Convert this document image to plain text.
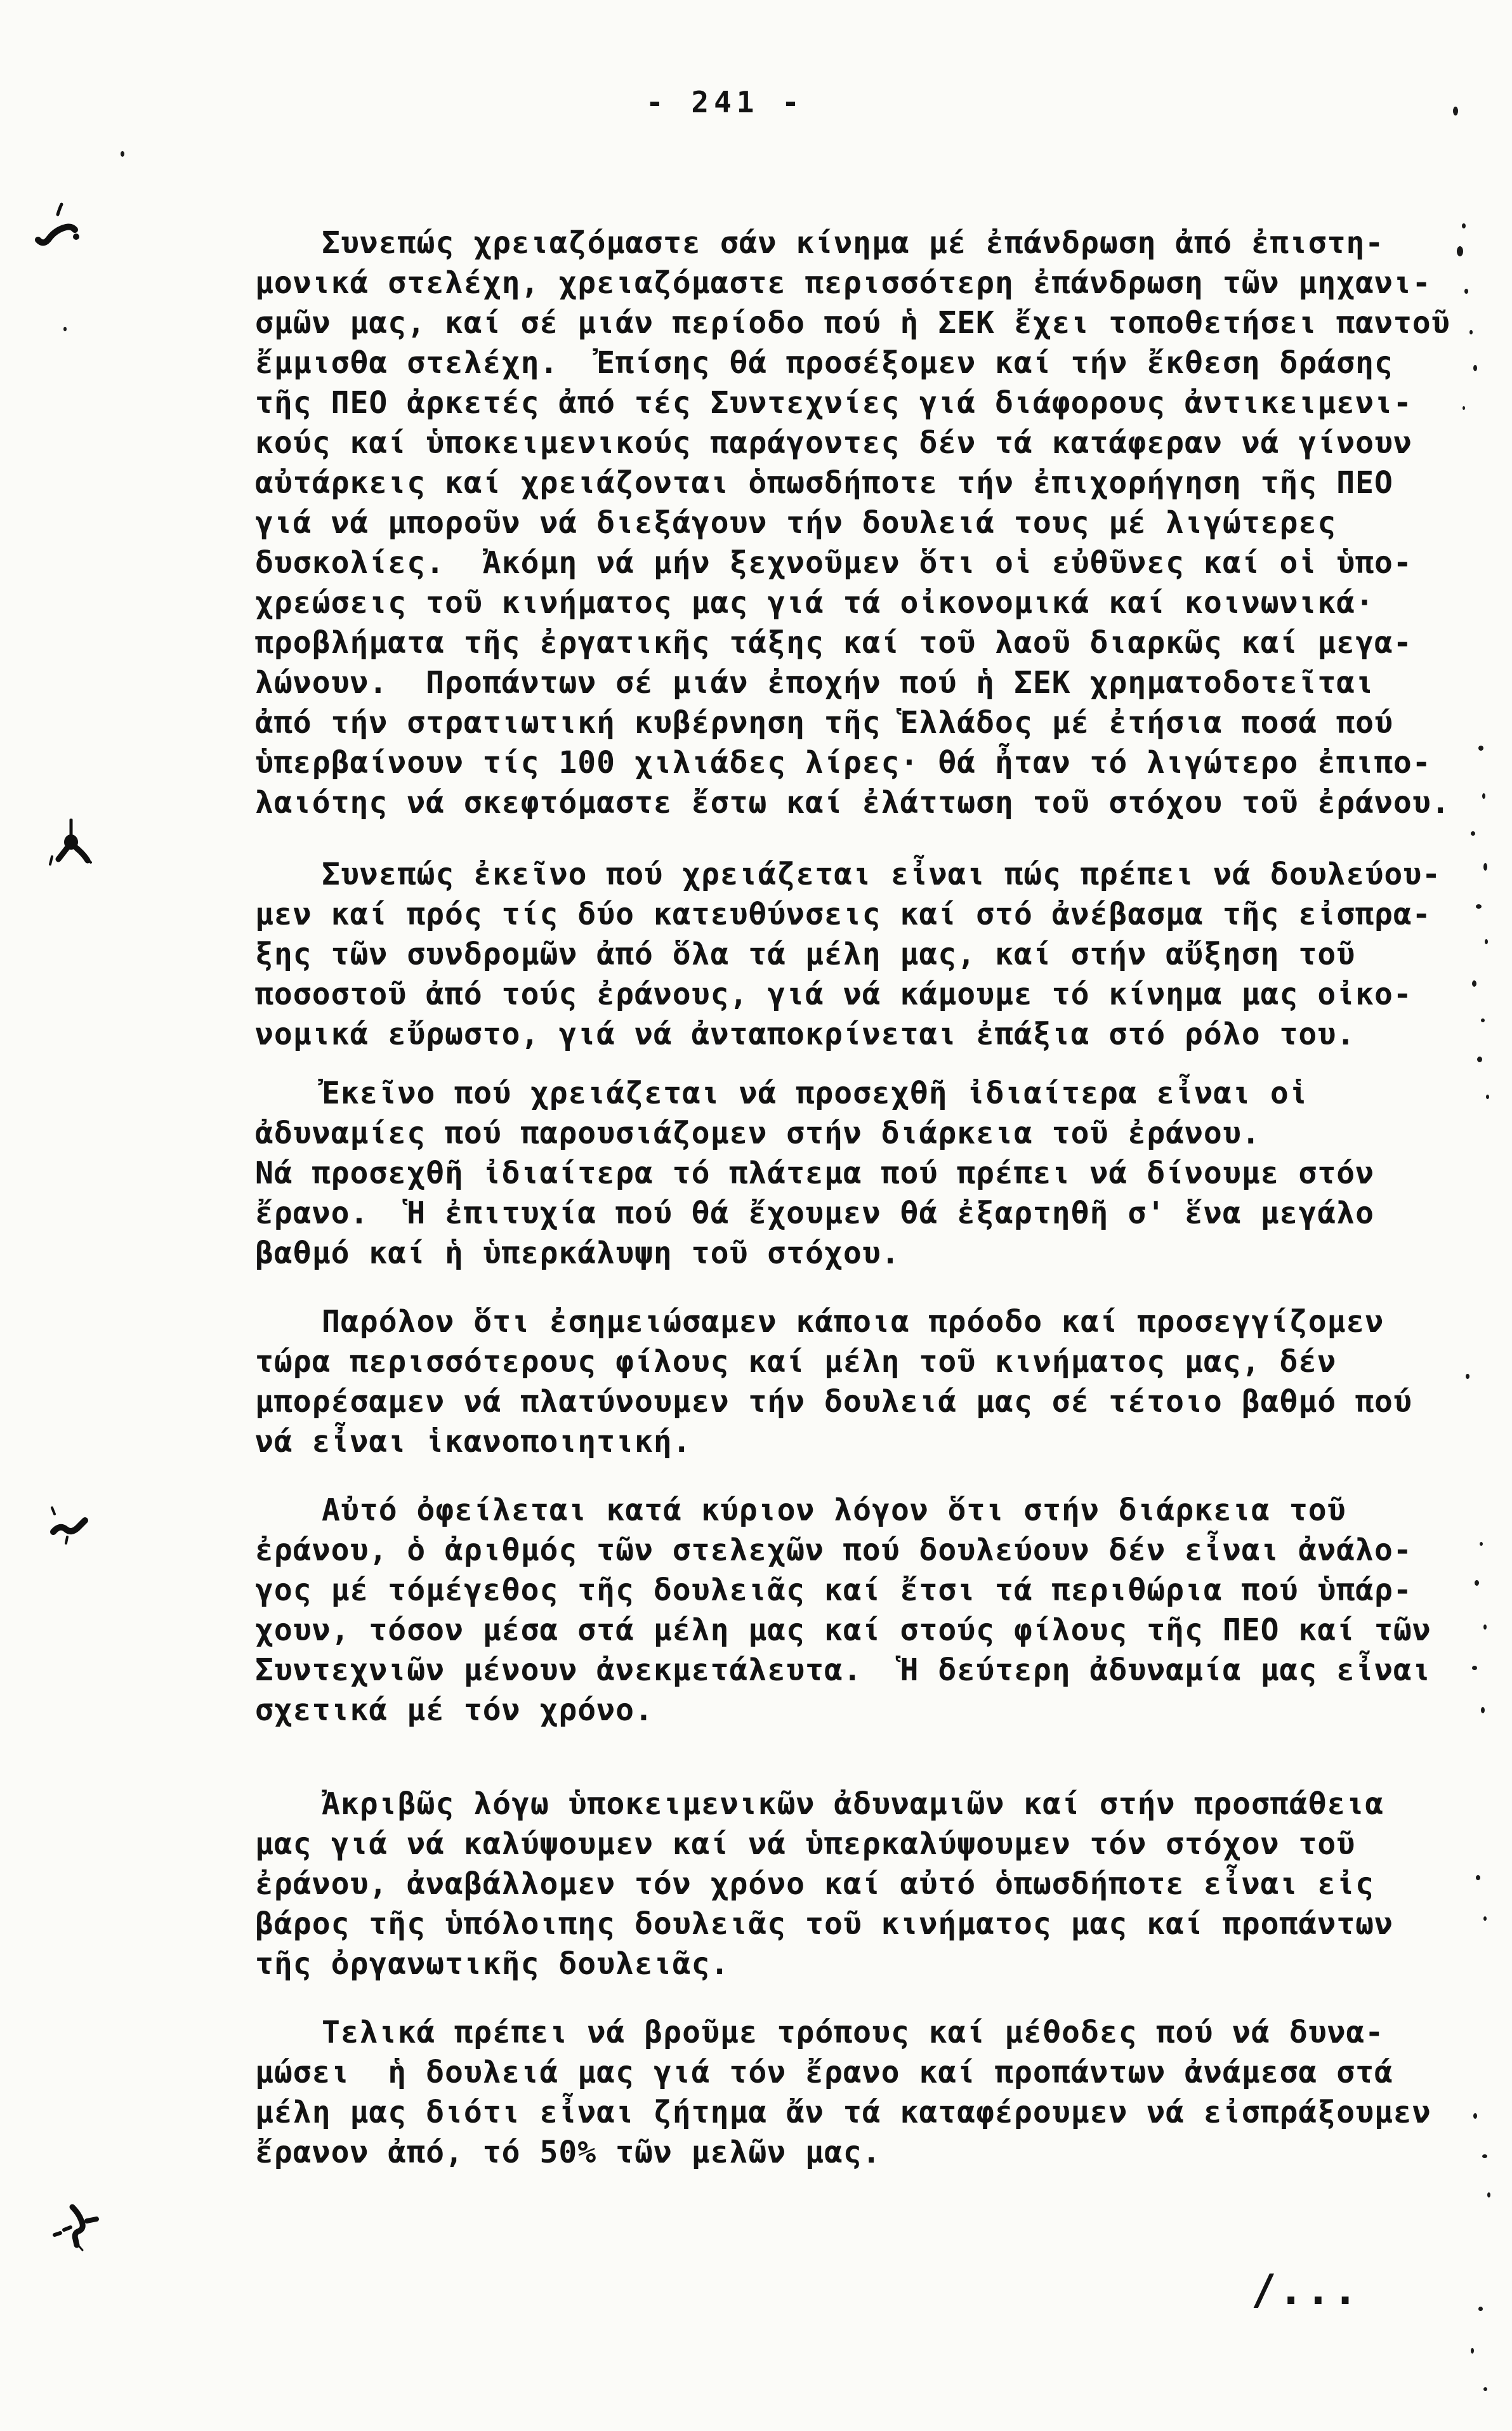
- 241 -
Συνεπώς χρειαζόμαστε σάν κίνημα μέ ἐπάνδρωση ἀπό ἐπιστη-
μονικά στελέχη, χρειαζόμαστε περισσότερη ἐπάνδρωση τῶν μηχανι-
σμῶν μας, καί σέ μιάν περίοδο πού ἡ ΣΕΚ ἔχει τοποθετήσει παντοῦ
ἔμμισθα στελέχη.  Ἐπίσης θά προσέξομεν καί τήν ἔκθεση δράσης
τῆς ΠΕΟ ἀρκετές ἀπό τές Συντεχνίες γιά διάφορους ἀντικειμενι-
κούς καί ὑποκειμενικούς παράγοντες δέν τά κατάφεραν νά γίνουν
αὐτάρκεις καί χρειάζονται ὁπωσδήποτε τήν ἐπιχορήγηση τῆς ΠΕΟ
γιά νά μποροῦν νά διεξάγουν τήν δουλειά τους μέ λιγώτερες
δυσκολίες.  Ἀκόμη νά μήν ξεχνοῦμεν ὅτι οἱ εὐθῦνες καί οἱ ὑπο-
χρεώσεις τοῦ κινήματος μας γιά τά οἰκονομικά καί κοινωνικά·
προβλήματα τῆς ἐργατικῆς τάξης καί τοῦ λαοῦ διαρκῶς καί μεγα-
λώνουν.  Προπάντων σέ μιάν ἐποχήν πού ἡ ΣΕΚ χρηματοδοτεῖται
ἀπό τήν στρατιωτική κυβέρνηση τῆς Ἑλλάδος μέ ἐτήσια ποσά πού
ὑπερβαίνουν τίς 100 χιλιάδες λίρες· θά ἦταν τό λιγώτερο ἐπιπο-
λαιότης νά σκεφτόμαστε ἔστω καί ἐλάττωση τοῦ στόχου τοῦ ἐράνου.
Συνεπώς ἐκεῖνο πού χρειάζεται εἶναι πώς πρέπει νά δουλεύου-
μεν καί πρός τίς δύο κατευθύνσεις καί στό ἀνέβασμα τῆς εἰσπρα-
ξης τῶν συνδρομῶν ἀπό ὅλα τά μέλη μας, καί στήν αὔξηση τοῦ
ποσοστοῦ ἀπό τούς ἐράνους, γιά νά κάμουμε τό κίνημα μας οἰκο-
νομικά εὔρωστο, γιά νά ἀνταποκρίνεται ἐπάξια στό ρόλο του.
Ἐκεῖνο πού χρειάζεται νά προσεχθῆ ἰδιαίτερα εἶναι οἱ
ἀδυναμίες πού παρουσιάζομεν στήν διάρκεια τοῦ ἐράνου.
Νά προσεχθῆ ἰδιαίτερα τό πλάτεμα πού πρέπει νά δίνουμε στόν
ἔρανο.  Ἡ ἐπιτυχία πού θά ἔχουμεν θά ἐξαρτηθῆ σ' ἕνα μεγάλο
βαθμό καί ἡ ὑπερκάλυψη τοῦ στόχου.
Παρόλον ὅτι ἐσημειώσαμεν κάποια πρόοδο καί προσεγγίζομεν
τώρα περισσότερους φίλους καί μέλη τοῦ κινήματος μας, δέν
μπορέσαμεν νά πλατύνουμεν τήν δουλειά μας σέ τέτοιο βαθμό πού
νά εἶναι ἱκανοποιητική.
Αὐτό ὀφείλεται κατά κύριον λόγον ὅτι στήν διάρκεια τοῦ
ἐράνου, ὁ ἀριθμός τῶν στελεχῶν πού δουλεύουν δέν εἶναι ἀνάλο-
γος μέ τόμέγεθος τῆς δουλειᾶς καί ἔτσι τά περιθώρια πού ὑπάρ-
χουν, τόσον μέσα στά μέλη μας καί στούς φίλους τῆς ΠΕΟ καί τῶν
Συντεχνιῶν μένουν ἀνεκμετάλευτα.  Ἡ δεύτερη ἀδυναμία μας εἶναι
σχετικά μέ τόν χρόνο.
Ἀκριβῶς λόγω ὑποκειμενικῶν ἀδυναμιῶν καί στήν προσπάθεια
μας γιά νά καλύψουμεν καί νά ὑπερκαλύψουμεν τόν στόχον τοῦ
ἐράνου, ἀναβάλλομεν τόν χρόνο καί αὐτό ὁπωσδήποτε εἶναι εἰς
βάρος τῆς ὑπόλοιπης δουλειᾶς τοῦ κινήματος μας καί προπάντων
τῆς ὀργανωτικῆς δουλειᾶς.
Τελικά πρέπει νά βροῦμε τρόπους καί μέθοδες πού νά δυνα-
μώσει  ἡ δουλειά μας γιά τόν ἔρανο καί προπάντων ἀνάμεσα στά
μέλη μας διότι εἶναι ζήτημα ἄν τά καταφέρουμεν νά εἰσπράξουμεν
ἔρανον ἀπό, τό 50% τῶν μελῶν μας.
/...
